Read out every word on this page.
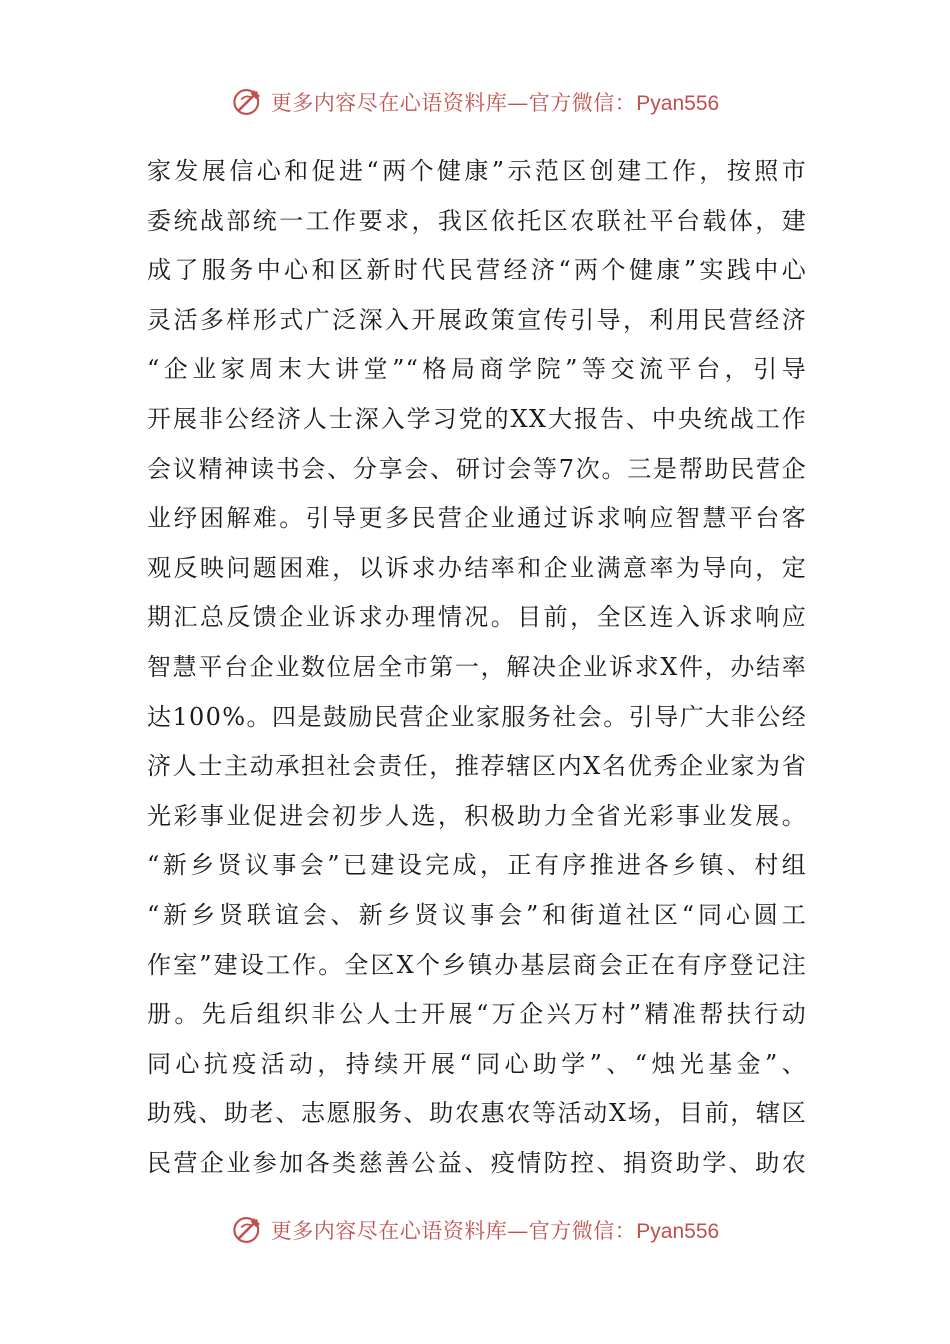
更多内容尽在心语资料库—官方微信：Pyan556
家发展信心和促进“两个健康”示范区创建工作，按照市
委统战部统一工作要求，我区依托区农联社平台载体，建
成了服务中心和区新时代民营经济“两个健康”实践中心
灵活多样形式广泛深入开展政策宣传引导，利用民营经济
“企业家周末大讲堂”“格局商学院”等交流平台，引导
开展非公经济人士深入学习党的XX大报告、中央统战工作
会议精神读书会、分享会、研讨会等7次。三是帮助民营企
业纾困解难。引导更多民营企业通过诉求响应智慧平台客
观反映问题困难，以诉求办结率和企业满意率为导向，定
期汇总反馈企业诉求办理情况。目前，全区连入诉求响应
智慧平台企业数位居全市第一，解决企业诉求X件，办结率
达100%。四是鼓励民营企业家服务社会。引导广大非公经
济人士主动承担社会责任，推荐辖区内X名优秀企业家为省
光彩事业促进会初步人选，积极助力全省光彩事业发展。
“新乡贤议事会”已建设完成，正有序推进各乡镇、村组
“新乡贤联谊会、新乡贤议事会”和街道社区“同心圆工
作室”建设工作。全区X个乡镇办基层商会正在有序登记注
册。先后组织非公人士开展“万企兴万村”精准帮扶行动
同心抗疫活动，持续开展“同心助学”、“烛光基金”、
助残、助老、志愿服务、助农惠农等活动X场，目前，辖区
民营企业参加各类慈善公益、疫情防控、捐资助学、助农
更多内容尽在心语资料库—官方微信：Pyan556
